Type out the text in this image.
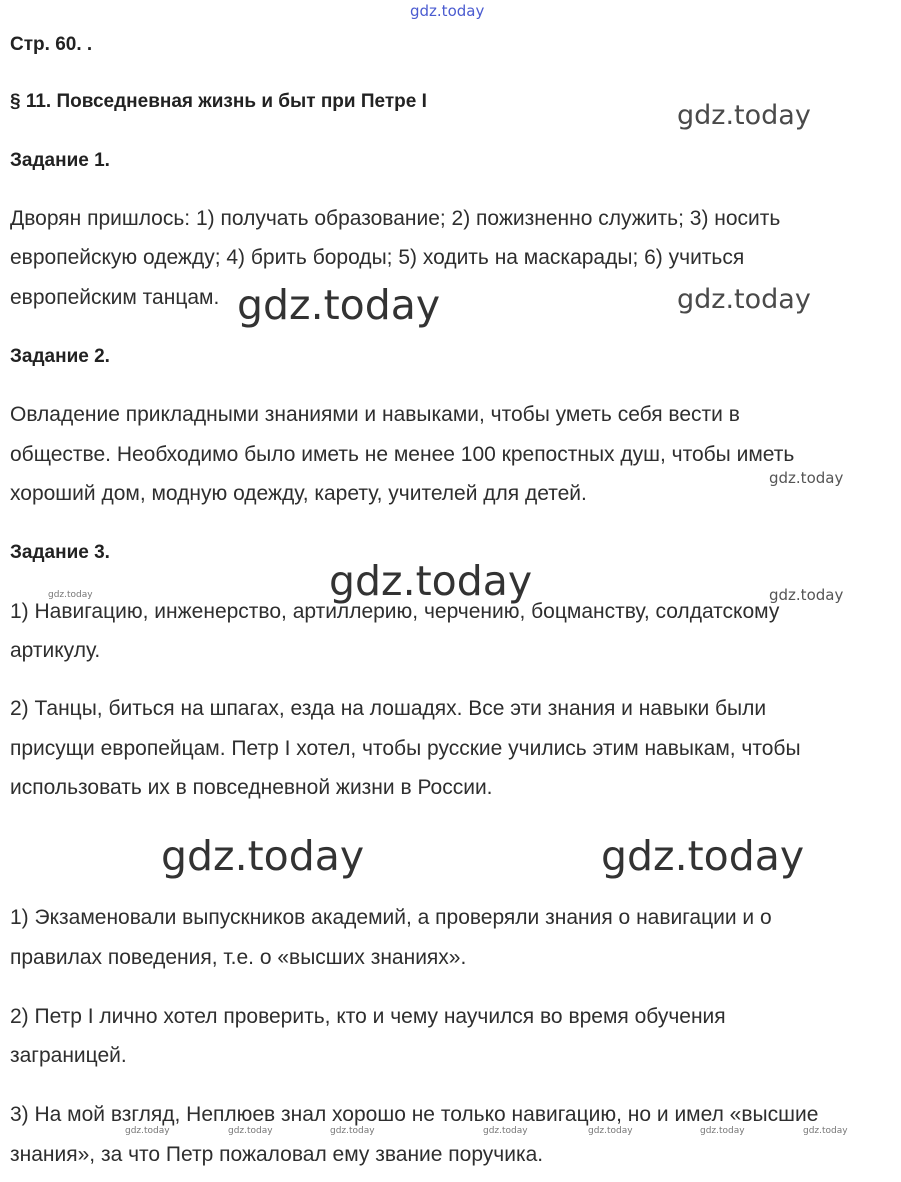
gdz.today
gdz.today
gdz.today
gdz.today
gdz.today
gdz.today
gdz.today	gdz.today
gdz.today	gdz.today
gdz.today	gdz.today	gdz.today	gdz.today	gdz.today	gdz.today	gdz.today
Стр. 60. .
§ 11. Повседневная жизнь и быт при Петре I
Задание 1.
Дворян пришлось: 1) получать образование; 2) пожизненно служить; 3) носить
европейскую одежду; 4) брить бороды; 5) ходить на маскарады; 6) учиться
европейским танцам.
Задание 2.
Овладение прикладными знаниями и навыками, чтобы уметь себя вести в
обществе. Необходимо было иметь не менее 100 крепостных душ, чтобы иметь
хороший дом, модную одежду, карету, учителей для детей.
Задание 3.
1) Навигацию, инженерство, артиллерию, черчению, боцманству, солдатскому
артикулу.
2) Танцы, биться на шпагах, езда на лошадях. Все эти знания и навыки были
присущи европейцам. Петр I хотел, чтобы русские учились этим навыкам, чтобы
использовать их в повседневной жизни в России.
1) Экзаменовали выпускников академий, а проверяли знания о навигации и о
правилах поведения, т.е. о «высших знаниях».
2) Петр I лично хотел проверить, кто и чему научился во время обучения
заграницей.
3) На мой взгляд, Неплюев знал хорошо не только навигацию, но и имел «высшие
знания», за что Петр пожаловал ему звание поручика.
